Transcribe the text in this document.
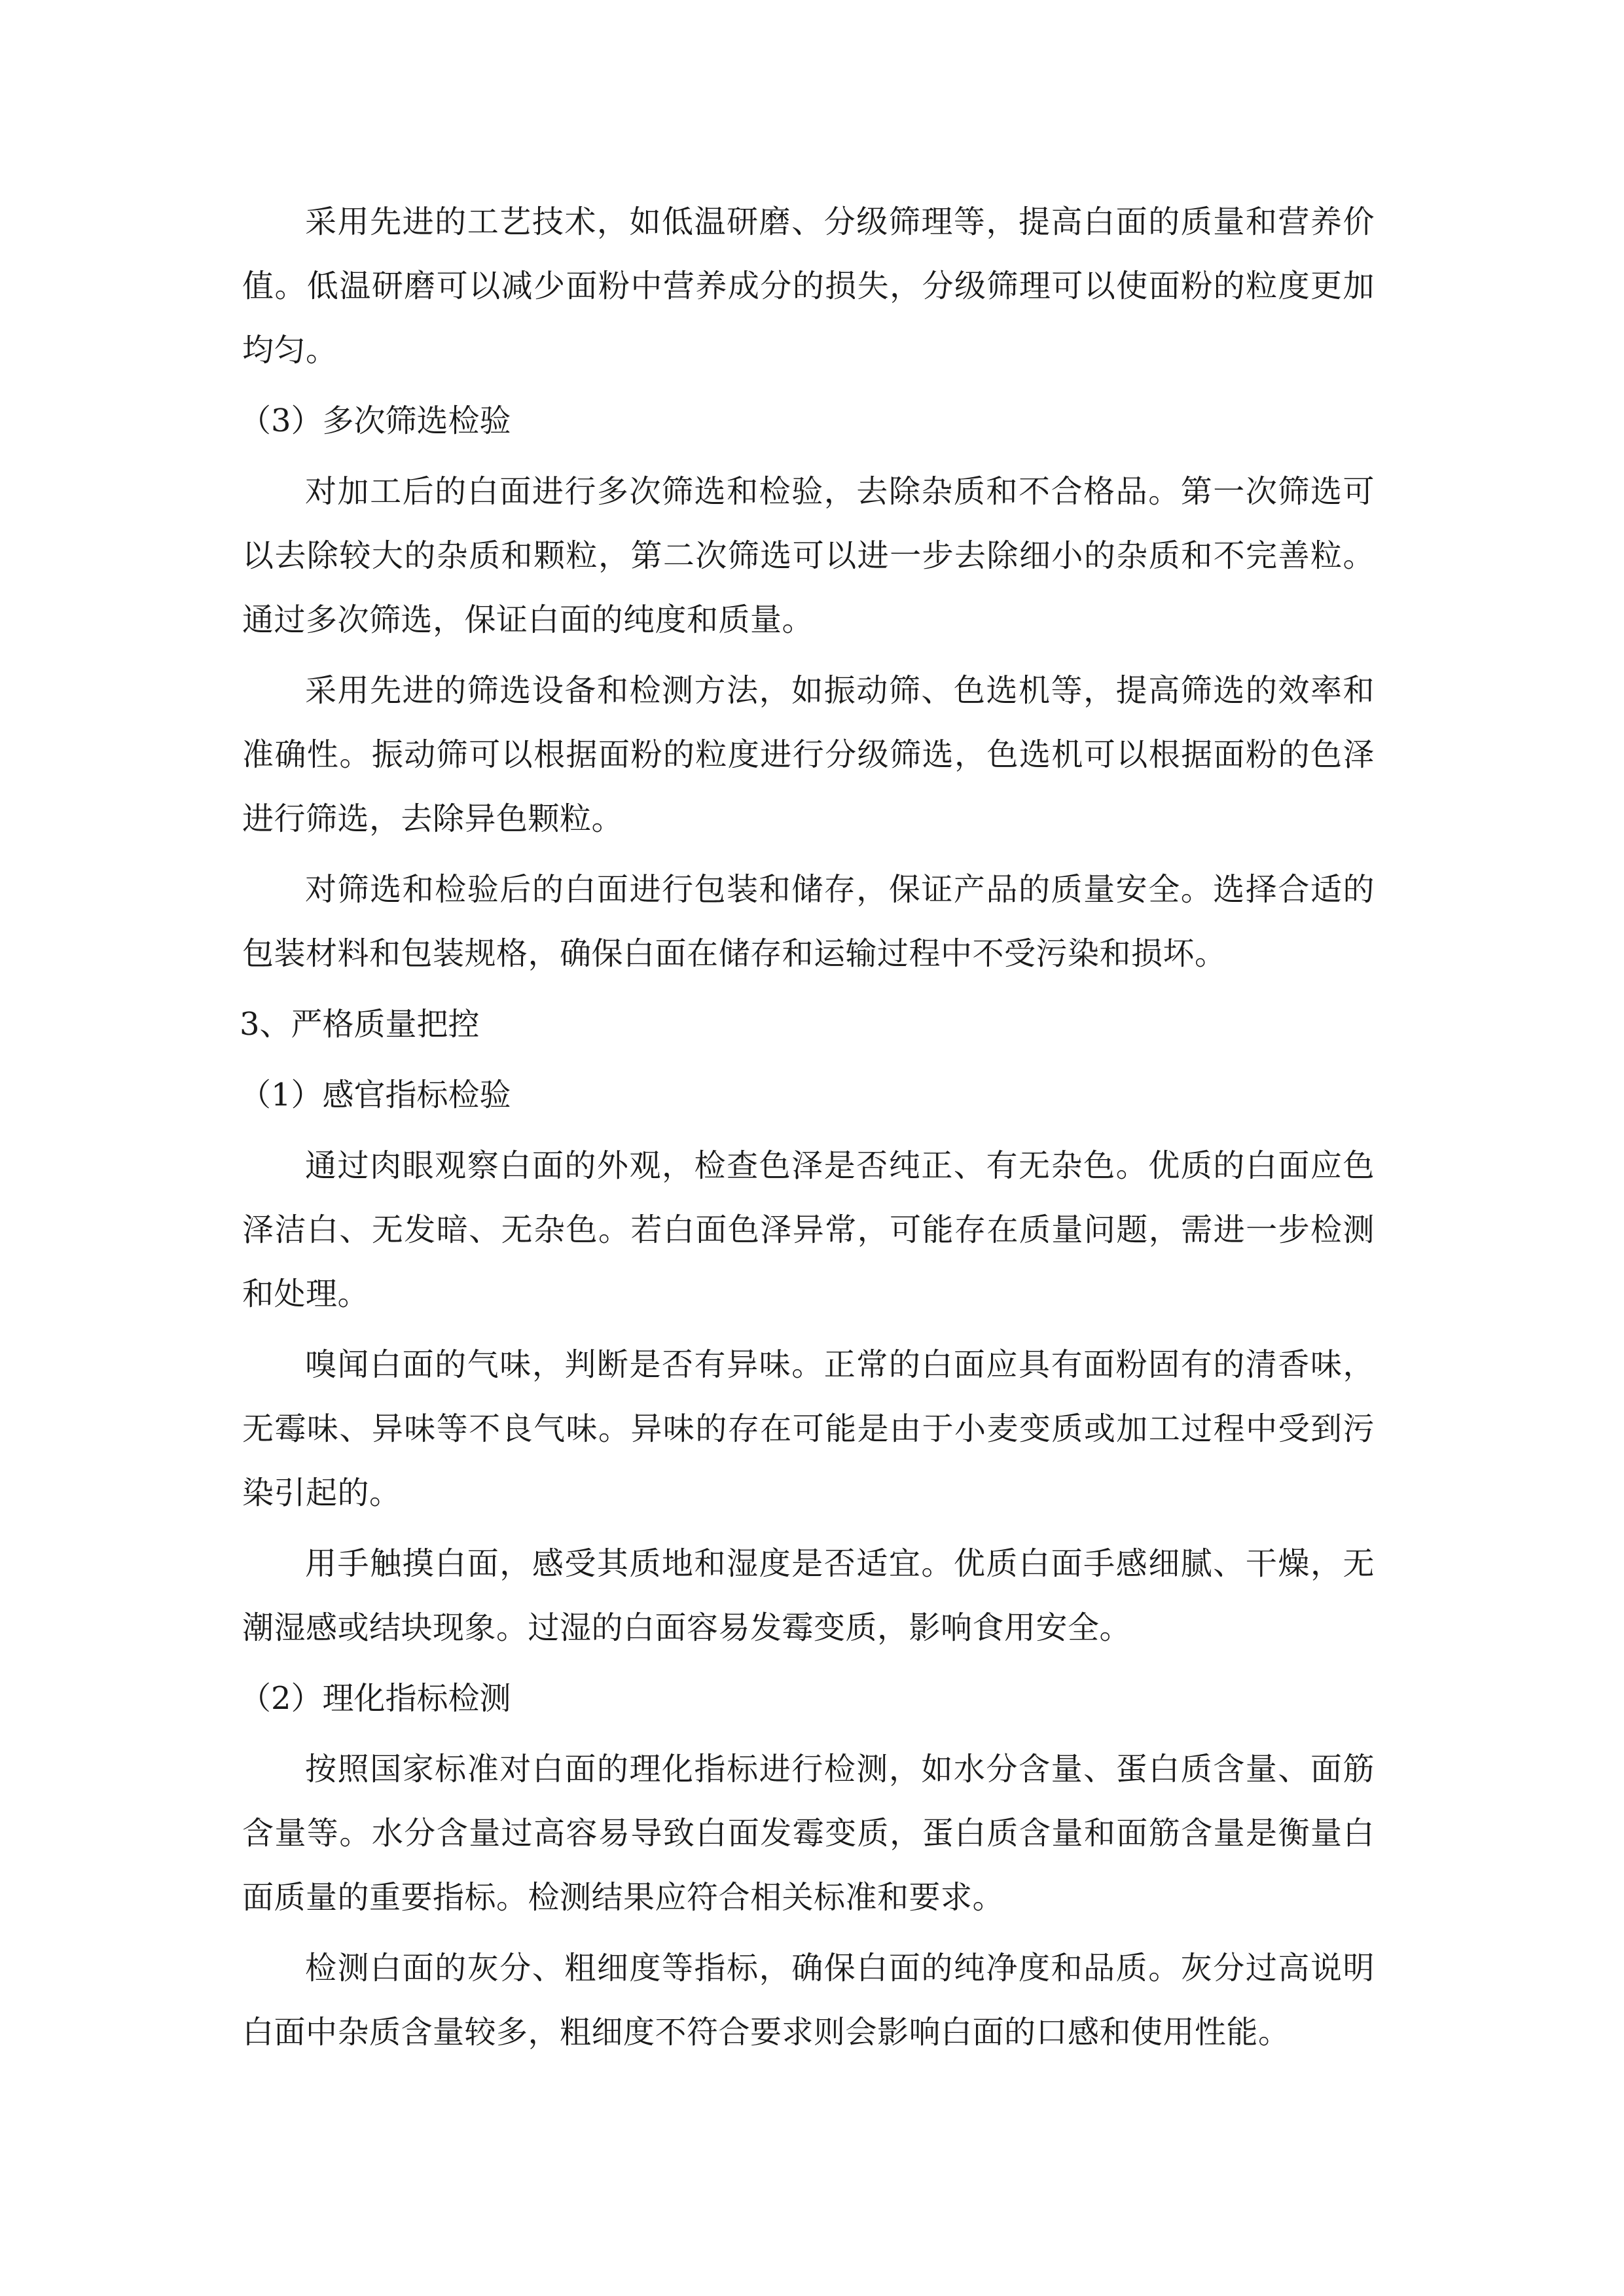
采用先进的工艺技术，如低温研磨、分级筛理等，提高白面的质量和营养价值。低温研磨可以减少面粉中营养成分的损失，分级筛理可以使面粉的粒度更加均匀。

（3）多次筛选检验

对加工后的白面进行多次筛选和检验，去除杂质和不合格品。第一次筛选可以去除较大的杂质和颗粒，第二次筛选可以进一步去除细小的杂质和不完善粒。通过多次筛选，保证白面的纯度和质量。

采用先进的筛选设备和检测方法，如振动筛、色选机等，提高筛选的效率和准确性。振动筛可以根据面粉的粒度进行分级筛选，色选机可以根据面粉的色泽进行筛选，去除异色颗粒。

对筛选和检验后的白面进行包装和储存，保证产品的质量安全。选择合适的包装材料和包装规格，确保白面在储存和运输过程中不受污染和损坏。

3、严格质量把控

（1）感官指标检验

通过肉眼观察白面的外观，检查色泽是否纯正、有无杂色。优质的白面应色泽洁白、无发暗、无杂色。若白面色泽异常，可能存在质量问题，需进一步检测和处理。

嗅闻白面的气味，判断是否有异味。正常的白面应具有面粉固有的清香味，无霉味、异味等不良气味。异味的存在可能是由于小麦变质或加工过程中受到污染引起的。

用手触摸白面，感受其质地和湿度是否适宜。优质白面手感细腻、干燥，无潮湿感或结块现象。过湿的白面容易发霉变质，影响食用安全。

（2）理化指标检测

按照国家标准对白面的理化指标进行检测，如水分含量、蛋白质含量、面筋含量等。水分含量过高容易导致白面发霉变质，蛋白质含量和面筋含量是衡量白面质量的重要指标。检测结果应符合相关标准和要求。

检测白面的灰分、粗细度等指标，确保白面的纯净度和品质。灰分过高说明白面中杂质含量较多，粗细度不符合要求则会影响白面的口感和使用性能。
